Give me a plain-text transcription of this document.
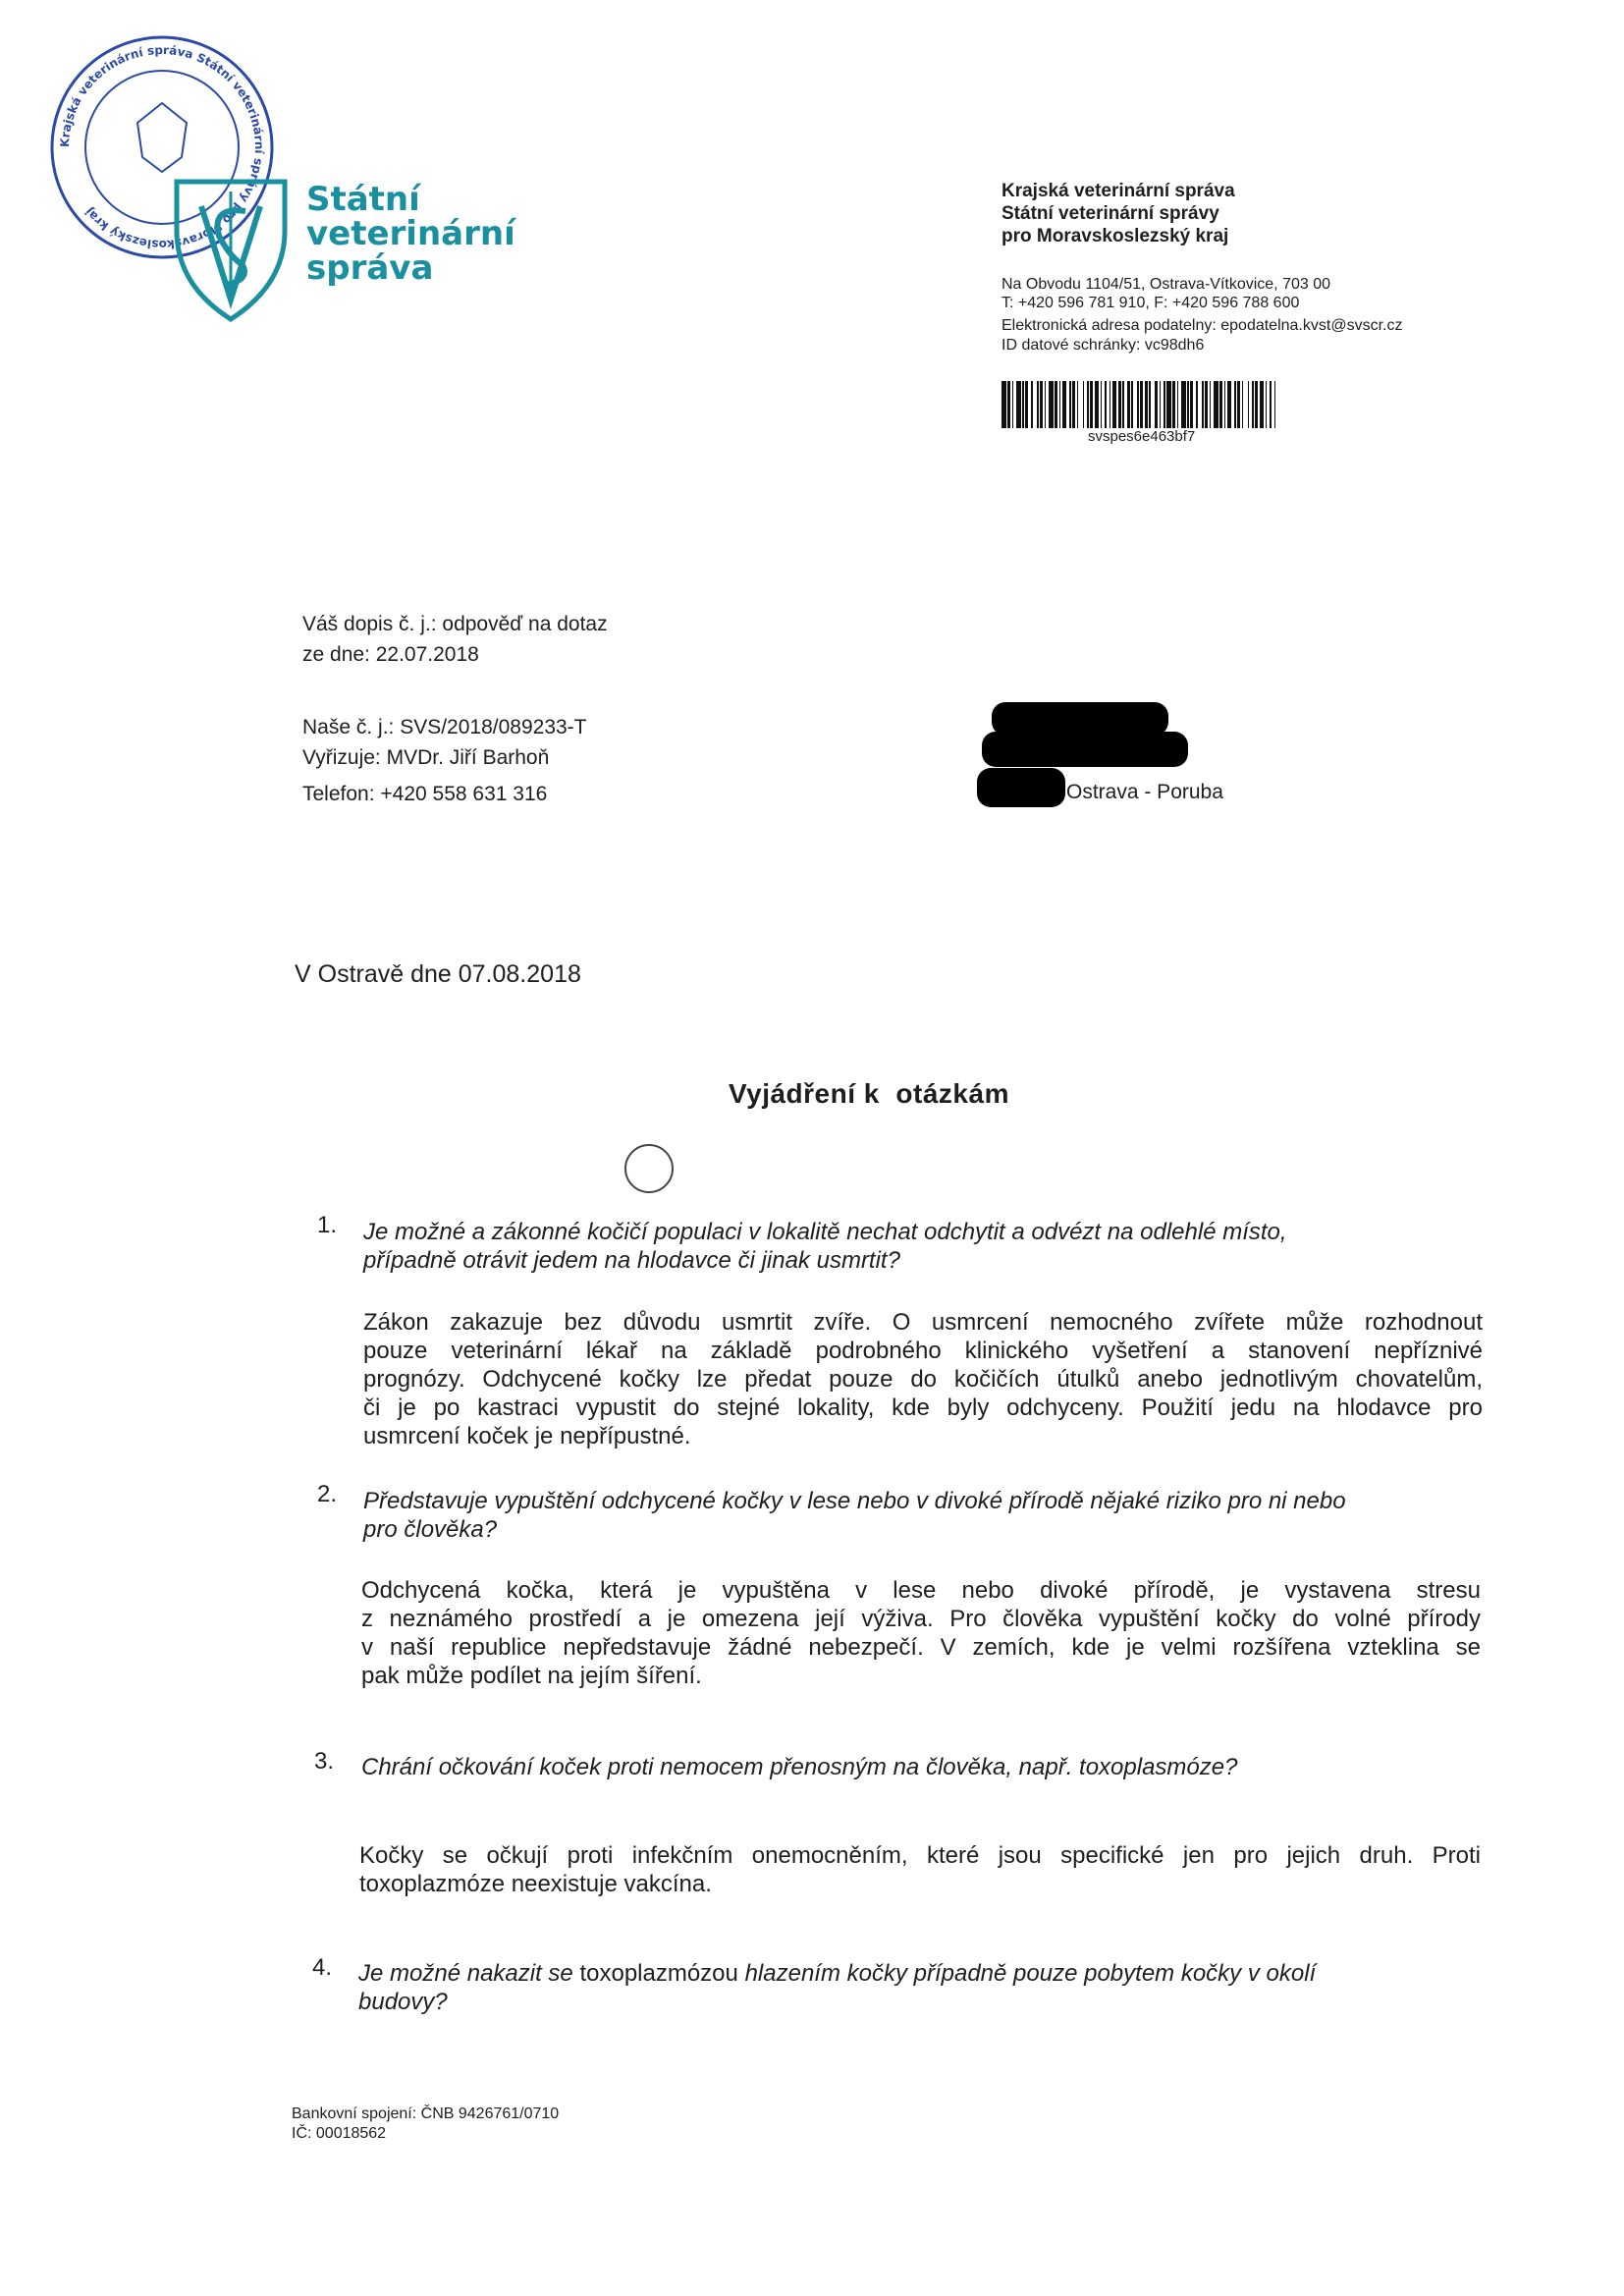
Krajská veterinární správa Státní veterinární správy pro Moravskoslezský kraj	Státní
veterinární
správa
Krajská veterinární správa
Státní veterinární správy
pro Moravskoslezský kraj
Na Obvodu 1104/51, Ostrava-Vítkovice, 703 00
T: +420 596 781 910, F: +420 596 788 600
Elektronická adresa podatelny: epodatelna.kvst@svscr.cz
ID datové schránky: vc98dh6
svspes6e463bf7
Váš dopis č. j.: odpověď na dotaz
ze dne: 22.07.2018
Naše č. j.: SVS/2018/089233-T
Vyřizuje: MVDr. Jiří Barhoň
Telefon: +420 558 631 316	Ostrava - Poruba
V Ostravě dne 07.08.2018
Vyjádření k  otázkám
1. Je možné a zákonné kočičí populaci v lokalitě nechat odchytit a odvézt na odlehlé místo,
případně otrávit jedem na hlodavce či jinak usmrtit?
Zákon zakazuje bez důvodu usmrtit zvíře. O usmrcení nemocného zvířete může rozhodnout
pouze veterinární lékař na základě podrobného klinického vyšetření a stanovení nepříznivé
prognózy. Odchycené kočky lze předat pouze do kočičích útulků anebo jednotlivým chovatelům,
či je po kastraci vypustit do stejné lokality, kde byly odchyceny. Použití jedu na hlodavce pro
usmrcení koček je nepřípustné.
2. Představuje vypuštění odchycené kočky v lese nebo v divoké přírodě nějaké riziko pro ni nebo
pro člověka?
Odchycená kočka, která je vypuštěna v lese nebo divoké přírodě, je vystavena stresu
z neznámého prostředí a je omezena její výživa. Pro člověka vypuštění kočky do volné přírody
v naší republice nepředstavuje žádné nebezpečí. V zemích, kde je velmi rozšířena vzteklina se
pak může podílet na jejím šíření.
3. Chrání očkování koček proti nemocem přenosným na člověka, např. toxoplasmóze?
Kočky se očkují proti infekčním onemocněním, které jsou specifické jen pro jejich druh. Proti
toxoplazmóze neexistuje vakcína.
4. Je možné nakazit se toxoplazmózou hlazením kočky případně pouze pobytem kočky v okolí
budovy?
Bankovní spojení: ČNB 9426761/0710
IČ: 00018562
